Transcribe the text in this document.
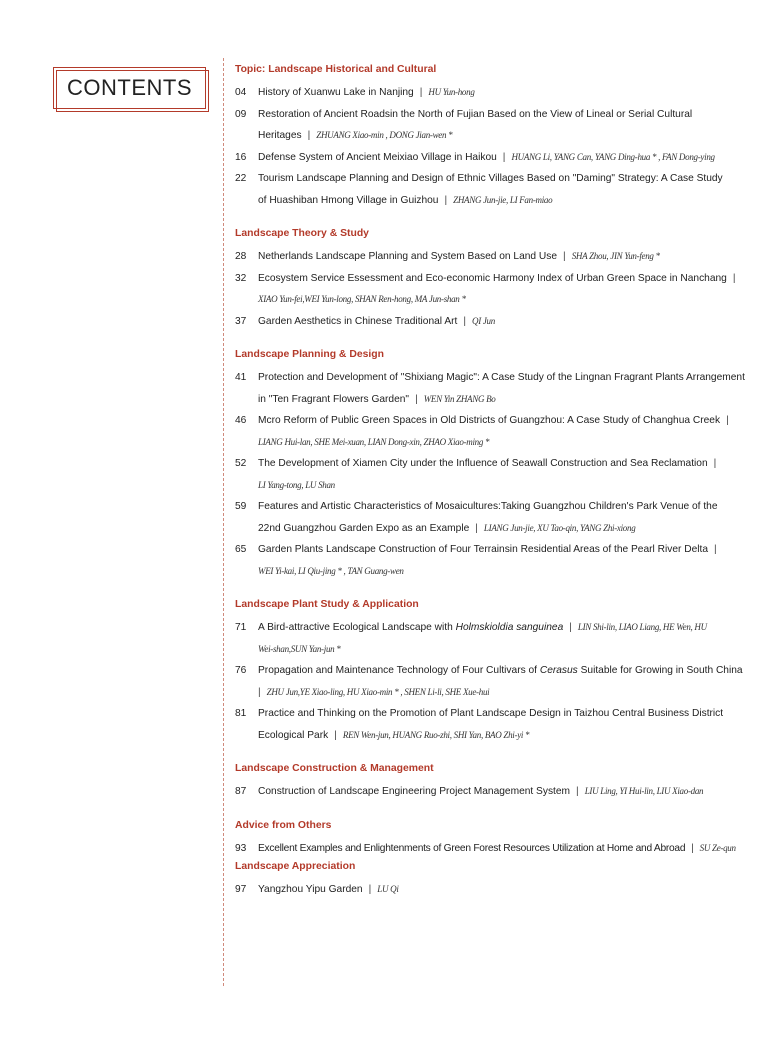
CONTENTS
Topic: Landscape Historical and Cultural
04	History of Xuanwu Lake in Nanjing | HU Yun-hong
09	Restoration of Ancient Roadsin the North of Fujian Based on the View of Lineal or Serial Cultural
Heritages | ZHUANG Xiao-min , DONG Jian-wen *
16	Defense System of Ancient Meixiao Village in Haikou | HUANG Li, YANG Can, YANG Ding-hua * , FAN Dong-ying
22	Tourism Landscape Planning and Design of Ethnic Villages Based on "Daming" Strategy: A Case Study
of Huashiban Hmong Village in Guizhou | ZHANG Jun-jie, LI Fan-miao
Landscape Theory & Study
28	Netherlands Landscape Planning and System Based on Land Use | SHA Zhou, JIN Yun-feng *
32	Ecosystem Service Essessment and Eco-economic Harmony Index of Urban Green Space in Nanchang |
XIAO Yun-fei,WEI Yun-long, SHAN Ren-hong, MA Jun-shan *
37	Garden Aesthetics in Chinese Traditional Art | QI Jun
Landscape Planning & Design
41	Protection and Development of "Shixiang Magic": A Case Study of the Lingnan Fragrant Plants Arrangement
in "Ten Fragrant Flowers Garden" | WEN Yin ZHANG Bo
46	Mcro Reform of Public Green Spaces in Old Districts of Guangzhou: A Case Study of Changhua Creek |
LIANG Hui-lan, SHE Mei-xuan, LIAN Dong-xin, ZHAO Xiao-ming *
52	The Development of Xiamen City under the Influence of Seawall Construction and Sea Reclamation |
LI Yang-tong, LU Shan
59	Features and Artistic Characteristics of Mosaicultures:Taking Guangzhou Children's Park Venue of the
22nd Guangzhou Garden Expo as an Example | LIANG Jun-jie, XU Tao-qin, YANG Zhi-xiong
65	Garden Plants Landscape Construction of Four Terrainsin Residential Areas of the Pearl River Delta |
WEI Yi-kai, LI Qiu-jing * , TAN Guang-wen
Landscape Plant Study & Application
71	A Bird-attractive Ecological Landscape with Holmskioldia sanguinea | LIN Shi-lin, LIAO Liang, HE Wen, HU
Wei-shan,SUN Yan-jun *
76	Propagation and Maintenance Technology of Four Cultivars of Cerasus Suitable for Growing in South China
| ZHU Jun,YE Xiao-ling, HU Xiao-min * , SHEN Li-li, SHE Xue-hui
81	Practice and Thinking on the Promotion of Plant Landscape Design in Taizhou Central Business District
Ecological Park | REN Wen-jun, HUANG Ruo-zhi, SHI Yan, BAO Zhi-yi *
Landscape Construction & Management
87	Construction of Landscape Engineering Project Management System | LIU Ling, YI Hui-lin, LIU Xiao-dan
Advice from Others
93	Excellent Examples and Enlightenments of Green Forest Resources Utilization at Home and Abroad | SU Ze-qun
Landscape Appreciation
97	Yangzhou Yipu Garden | LU Qi
